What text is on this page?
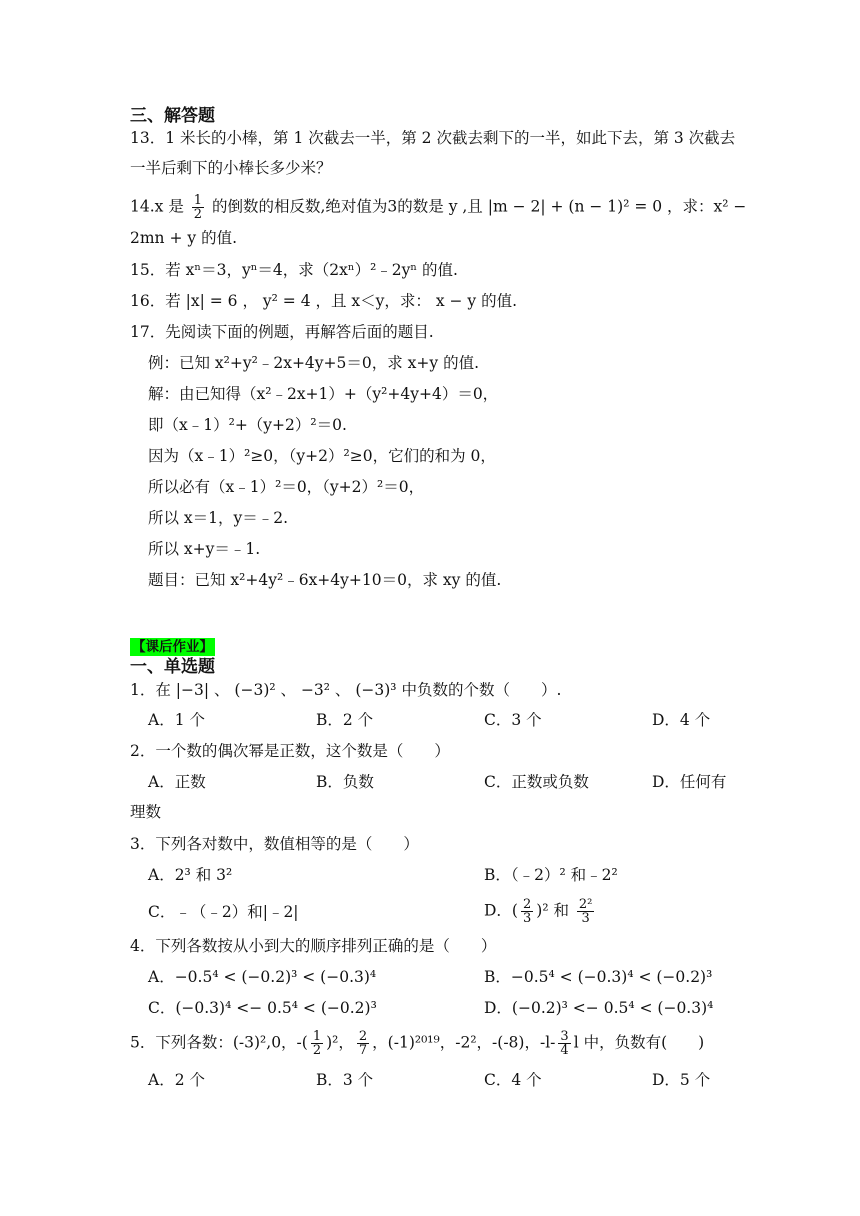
三、解答题
13．1 米长的小棒，第 1 次截去一半，第 2 次截去剩下的一半，如此下去，第 3 次截去
一半后剩下的小棒长多少米？
14.x 是 $\frac{1}{2}$ 的倒数的相反数,绝对值为3的数是 y ,且 |m − 2| + (n − 1)² = 0 ，求：x² −
2mn + y 的值.
15．若 xⁿ＝3，yⁿ＝4，求（2xⁿ）²﹣2yⁿ 的值.
16．若 |x| = 6 ， y² = 4 ，且 x＜y，求： x − y 的值.
17．先阅读下面的例题，再解答后面的题目.
例：已知 x²+y²﹣2x+4y+5＝0，求 x+y 的值.
解：由已知得（x²﹣2x+1）+（y²+4y+4）＝0，
即（x﹣1）²+（y+2）²＝0.
因为（x﹣1）²≥0，（y+2）²≥0，它们的和为 0，
所以必有（x﹣1）²＝0，（y+2）²＝0，
所以 x＝1，y＝﹣2.
所以 x+y＝﹣1.
题目：已知 x²+4y²﹣6x+4y+10＝0，求 xy 的值.
【课后作业】
一、单选题
1．在 |−3| 、 (−3)² 、 −3² 、 (−3)³ 中负数的个数（　　）.
A．1 个	B．2 个	C．3 个	D．4 个
2．一个数的偶次幂是正数，这个数是（　　）
A．正数	B．负数	C．正数或负数	D．任何有
理数
3．下列各对数中，数值相等的是（　　）
A．2³ 和 3²	B．（﹣2）² 和﹣2²
C．﹣（﹣2）和|﹣2|	D．( $\frac{2}{3} )^2$ 和 $\frac{\text{2²}}{3}$
4．下列各数按从小到大的顺序排列正确的是（　　）
A．−0.5⁴ < (−0.2)³ < (−0.3)⁴	B．−0.5⁴ < (−0.3)⁴ < (−0.2)³
C．(−0.3)⁴ <− 0.5⁴ < (−0.2)³	D．(−0.2)³ <− 0.5⁴ < (−0.3)⁴
5．下列各数：(-3)²,0，-( $\frac{1}{2} )^2$， $\frac{2}{7}$ ，(-1)²⁰¹⁹，-2²，-(-8)，$-l- \frac{3}{4}$ l 中，负数有(　　)
A．2 个	B．3 个	C．4 个	D．5 个
